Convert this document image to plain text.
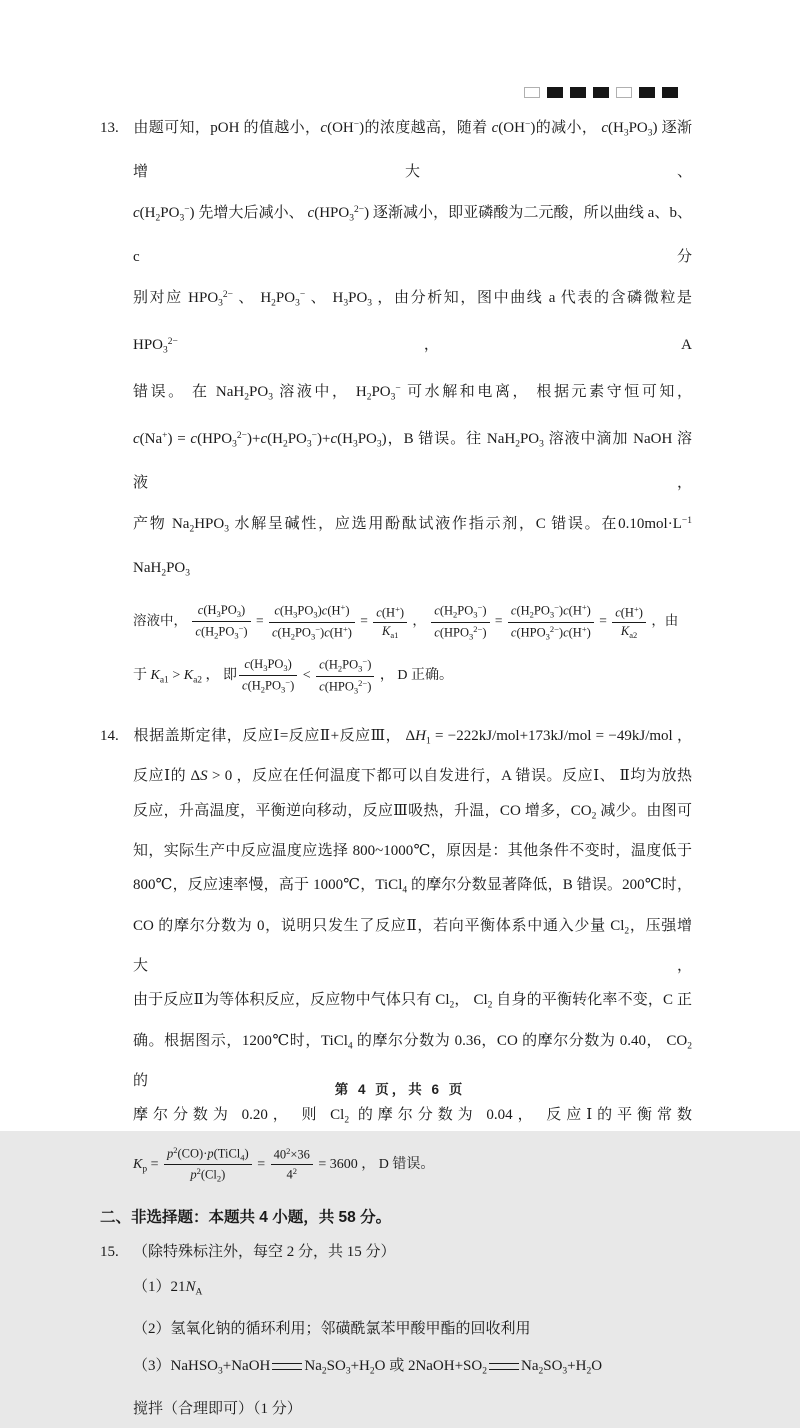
13. 由题可知，pOH 的值越小，c(OH−)的浓度越高，随着 c(OH−)的减小， $c(H_3PO_3)$ 逐渐增大、
$c(H_2PO_3^-)$ 先增大后减小、 $c(HPO_3^{2-})$ 逐渐减小，即亚磷酸为二元酸，所以曲线 a、b、c 分
别对应 $HPO_3^{2-}$ 、 $H_2PO_3^-$ 、 $H_3PO_3$ ，由分析知，图中曲线 a 代表的含磷微粒是 $HPO_3^{2-}$ ，A
错误。 在 $NaH_2PO_3$ 溶液中， $H_2PO_3^-$ 可水解和电离， 根据元素守恒可知，
$c(Na^+) = c(HPO_3^{2-})+c(H_2PO_3^-)+c(H_3PO_3)$，B 错误。往 $NaH_2PO_3$ 溶液中滴加 NaOH 溶液，
产物 $Na_2HPO_3$ 水解呈碱性，应选用酚酞试液作指示剂，C 错误。在$0.10mol\cdot L^{-1}$ $NaH_2PO_3$
溶液中， $\frac{c(H_3PO_3)}{c(H_2PO_3^-)} = \frac{c(H_3PO_3)c(H^+)}{c(H_2PO_3^-)c(H^+)} = \frac{c(H^+)}{K_{a1}}$ ， $\frac{c(H_2PO_3^-)}{c(HPO_3^{2-})} = \frac{c(H_2PO_3^-)c(H^+)}{c(HPO_3^{2-})c(H^+)} = \frac{c(H^+)}{K_{a2}}$ ，由
于 $K_{a1} > K_{a2}$ ， 即 $\frac{c(H_3PO_3)}{c(H_2PO_3^-)} < \frac{c(H_2PO_3^-)}{c(HPO_3^{2-})}$ ， D 正确。
14. 根据盖斯定律，反应Ⅰ=反应Ⅱ+反应Ⅲ， $\Delta H_1 = -222kJ/mol+173kJ/mol = -49kJ/mol$ ，
反应Ⅰ的 ΔS > 0 ，反应在任何温度下都可以自发进行，A 错误。反应Ⅰ、 Ⅱ均为放热
反应，升高温度，平衡逆向移动，反应Ⅲ吸热，升温，CO 增多，$CO_2$ 减少。由图可
知，实际生产中反应温度应选择 800~1000℃，原因是：其他条件不变时，温度低于
800℃，反应速率慢，高于 1000℃，TiCl$_4$ 的摩尔分数显著降低，B 错误。200℃时，
CO 的摩尔分数为 0，说明只发生了反应Ⅱ，若向平衡体系中通入少量 $Cl_2$，压强增大，
由于反应Ⅱ为等体积反应，反应物中气体只有 $Cl_2$， $Cl_2$ 自身的平衡转化率不变，C 正
确。根据图示，1200℃时，TiCl$_4$ 的摩尔分数为 0.36，CO 的摩尔分数为 0.40， $CO_2$ 的
摩尔分数为 0.20， 则 $Cl_2$ 的摩尔分数为 0.04， 反应Ⅰ的平衡常数
$K_p = \frac{p^2(CO)\cdot p(TiCl_4)}{p^2(Cl_2)} = \frac{40^2\times 36}{4^2} = 3600$ ， D 错误。
二、非选择题：本题共 4 小题，共 58 分。
15. （除特殊标注外，每空 2 分，共 15 分）
$(1)21N_A$
（2）氢氧化钠的循环利用；邻磺酰氯苯甲酸甲酯的回收利用
（3）NaHSO$_3$+NaOH $Na_2SO_3+H_2O$ 或 $2NaOH+SO_2$ $Na_2SO_3+H_2O$
搅拌（合理即可）（1 分）
第 4 页，共 6 页
